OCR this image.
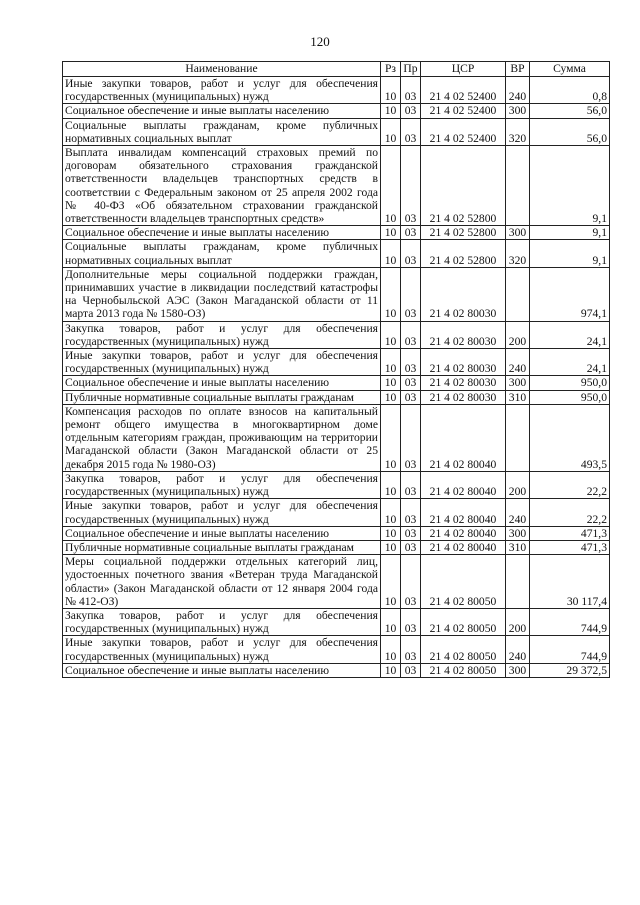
120
Наименование	Рз	Пр	ЦСР	ВР	Сумма
Иные закупки товаров, работ и услуг для обеспечения государственных (муниципальных) нужд	10	03	21 4 02 52400	240	0,8
Социальное обеспечение и иные выплаты населению	10	03	21 4 02 52400	300	56,0
Социальные выплаты гражданам, кроме публичных нормативных социальных выплат	10	03	21 4 02 52400	320	56,0
Выплата инвалидам компенсаций страховых премий по договорам обязательного страхования гражданской ответственности владельцев транспортных средств в соответствии с Федеральным законом от 25 апреля 2002 года № 40-ФЗ «Об обязательном страховании гражданской ответственности владельцев транспортных средств»	10	03	21 4 02 52800		9,1
Социальное обеспечение и иные выплаты населению	10	03	21 4 02 52800	300	9,1
Социальные выплаты гражданам, кроме публичных нормативных социальных выплат	10	03	21 4 02 52800	320	9,1
Дополнительные меры социальной поддержки граждан, принимавших участие в ликвидации последствий катастрофы на Чернобыльской АЭС (Закон Магаданской области от 11 марта 2013 года № 1580-ОЗ)	10	03	21 4 02 80030		974,1
Закупка товаров, работ и услуг для обеспечения государственных (муниципальных) нужд	10	03	21 4 02 80030	200	24,1
Иные закупки товаров, работ и услуг для обеспечения государственных (муниципальных) нужд	10	03	21 4 02 80030	240	24,1
Социальное обеспечение и иные выплаты населению	10	03	21 4 02 80030	300	950,0
Публичные нормативные социальные выплаты гражданам	10	03	21 4 02 80030	310	950,0
Компенсация расходов по оплате взносов на капитальный ремонт общего имущества в многоквартирном доме отдельным категориям граждан, проживающим на территории Магаданской области (Закон Магаданской области от 25 декабря 2015 года № 1980-ОЗ)	10	03	21 4 02 80040		493,5
Закупка товаров, работ и услуг для обеспечения государственных (муниципальных) нужд	10	03	21 4 02 80040	200	22,2
Иные закупки товаров, работ и услуг для обеспечения государственных (муниципальных) нужд	10	03	21 4 02 80040	240	22,2
Социальное обеспечение и иные выплаты населению	10	03	21 4 02 80040	300	471,3
Публичные нормативные социальные выплаты гражданам	10	03	21 4 02 80040	310	471,3
Меры социальной поддержки отдельных категорий лиц, удостоенных почетного звания «Ветеран труда Магаданской области» (Закон Магаданской области от 12 января 2004 года № 412-ОЗ)	10	03	21 4 02 80050		30 117,4
Закупка товаров, работ и услуг для обеспечения государственных (муниципальных) нужд	10	03	21 4 02 80050	200	744,9
Иные закупки товаров, работ и услуг для обеспечения государственных (муниципальных) нужд	10	03	21 4 02 80050	240	744,9
Социальное обеспечение и иные выплаты населению	10	03	21 4 02 80050	300	29 372,5
